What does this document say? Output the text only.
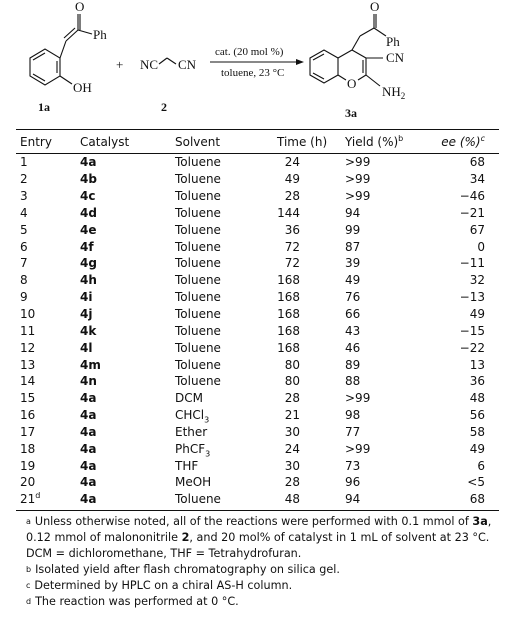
O
Ph
OH
1a
+ NC CN
2
cat. (20 mol %)
toluene, 23 °C
O
Ph
CN
O
$NH_2$
3a
Entry	Catalyst	Solvent	Time (h)		Yield (%)$^b$	ee (%)$^c$
1	4a	Toluene	24		>99	68
2	4b	Toluene	49		>99	34
3	4c	Toluene	28		>99	−46
4	4d	Toluene	144		94	−21
5	4e	Toluene	36		99	67
6	4f	Toluene	72		87	0
7	4g	Toluene	72		39	−11
8	4h	Toluene	168		49	32
9	4i	Toluene	168		76	−13
10	4j	Toluene	168		66	49
11	4k	Toluene	168		43	−15
12	4l	Toluene	168		46	−22
13	4m	Toluene	80		89	13
14	4n	Toluene	80		88	36
15	4a	DCM	28		>99	48
16	4a	CHCl$_3$	21		98	56
17	4a	Ether	30		77	58
18	4a	PhCF$_3$	24		>99	49
19	4a	THF	30		73	6
20	4a	MeOH	28		96	<5
21$^d$	4a	Toluene	48		94	68

$^a$ Unless otherwise noted, all of the reactions were performed with 0.1 mmol of 3a, 0.12 mmol of malononitrile 2, and 20 mol% of catalyst in 1 mL of solvent at 23 °C. DCM = dichloromethane, THF = Tetrahydrofuran.

$^b$ Isolated yield after flash chromatography on silica gel.

$^c$ Determined by HPLC on a chiral AS-H column.

$^d$ The reaction was performed at 0 °C.
